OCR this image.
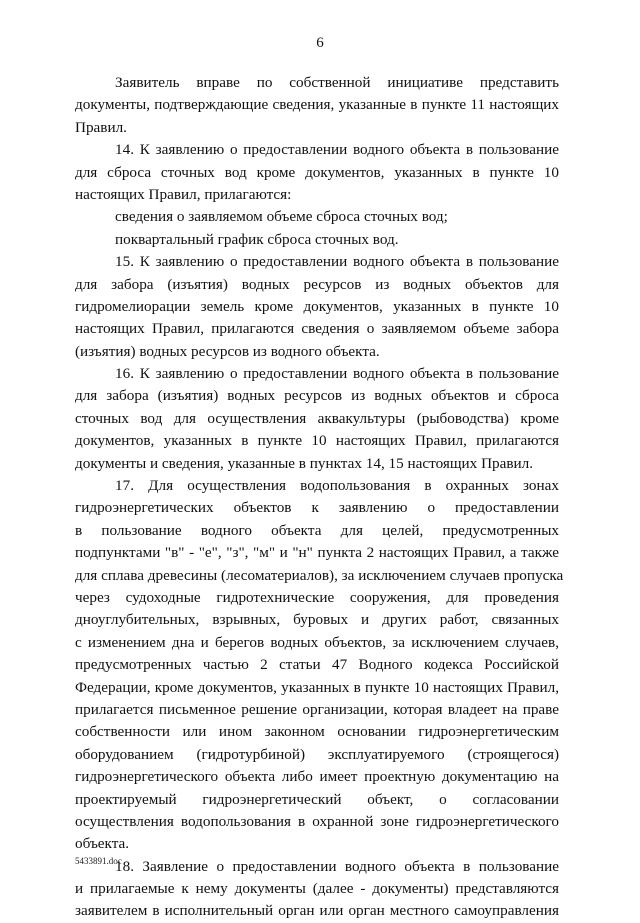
6
Заявитель вправе по собственной инициативе представить
документы, подтверждающие сведения, указанные в пункте 11 настоящих
Правил.
14. К заявлению о предоставлении водного объекта в пользование
для сброса сточных вод кроме документов, указанных в пункте 10
настоящих Правил, прилагаются:
сведения о заявляемом объеме сброса сточных вод;
поквартальный график сброса сточных вод.
15. К заявлению о предоставлении водного объекта в пользование
для забора (изъятия) водных ресурсов из водных объектов для
гидромелиорации земель кроме документов, указанных в пункте 10
настоящих Правил, прилагаются сведения о заявляемом объеме забора
(изъятия) водных ресурсов из водного объекта.
16. К заявлению о предоставлении водного объекта в пользование
для забора (изъятия) водных ресурсов из водных объектов и сброса
сточных вод для осуществления аквакультуры (рыбоводства) кроме
документов, указанных в пункте 10 настоящих Правил, прилагаются
документы и сведения, указанные в пунктах 14, 15 настоящих Правил.
17. Для осуществления водопользования в охранных зонах
гидроэнергетических объектов к заявлению о предоставлении
в пользование водного объекта для целей, предусмотренных
подпунктами "в" - "е", "з", "м" и "н" пункта 2 настоящих Правил, а также
для сплава древесины (лесоматериалов), за исключением случаев пропуска
через судоходные гидротехнические сооружения, для проведения
дноуглубительных, взрывных, буровых и других работ, связанных
с изменением дна и берегов водных объектов, за исключением случаев,
предусмотренных частью 2 статьи 47 Водного кодекса Российской
Федерации, кроме документов, указанных в пункте 10 настоящих Правил,
прилагается письменное решение организации, которая владеет на праве
собственности или ином законном основании гидроэнергетическим
оборудованием (гидротурбиной) эксплуатируемого (строящегося)
гидроэнергетического объекта либо имеет проектную документацию на
проектируемый гидроэнергетический объект, о согласовании
осуществления водопользования в охранной зоне гидроэнергетического
объекта.
18. Заявление о предоставлении водного объекта в пользование
и прилагаемые к нему документы (далее - документы) представляются
заявителем в исполнительный орган или орган местного самоуправления
5433891.doc
